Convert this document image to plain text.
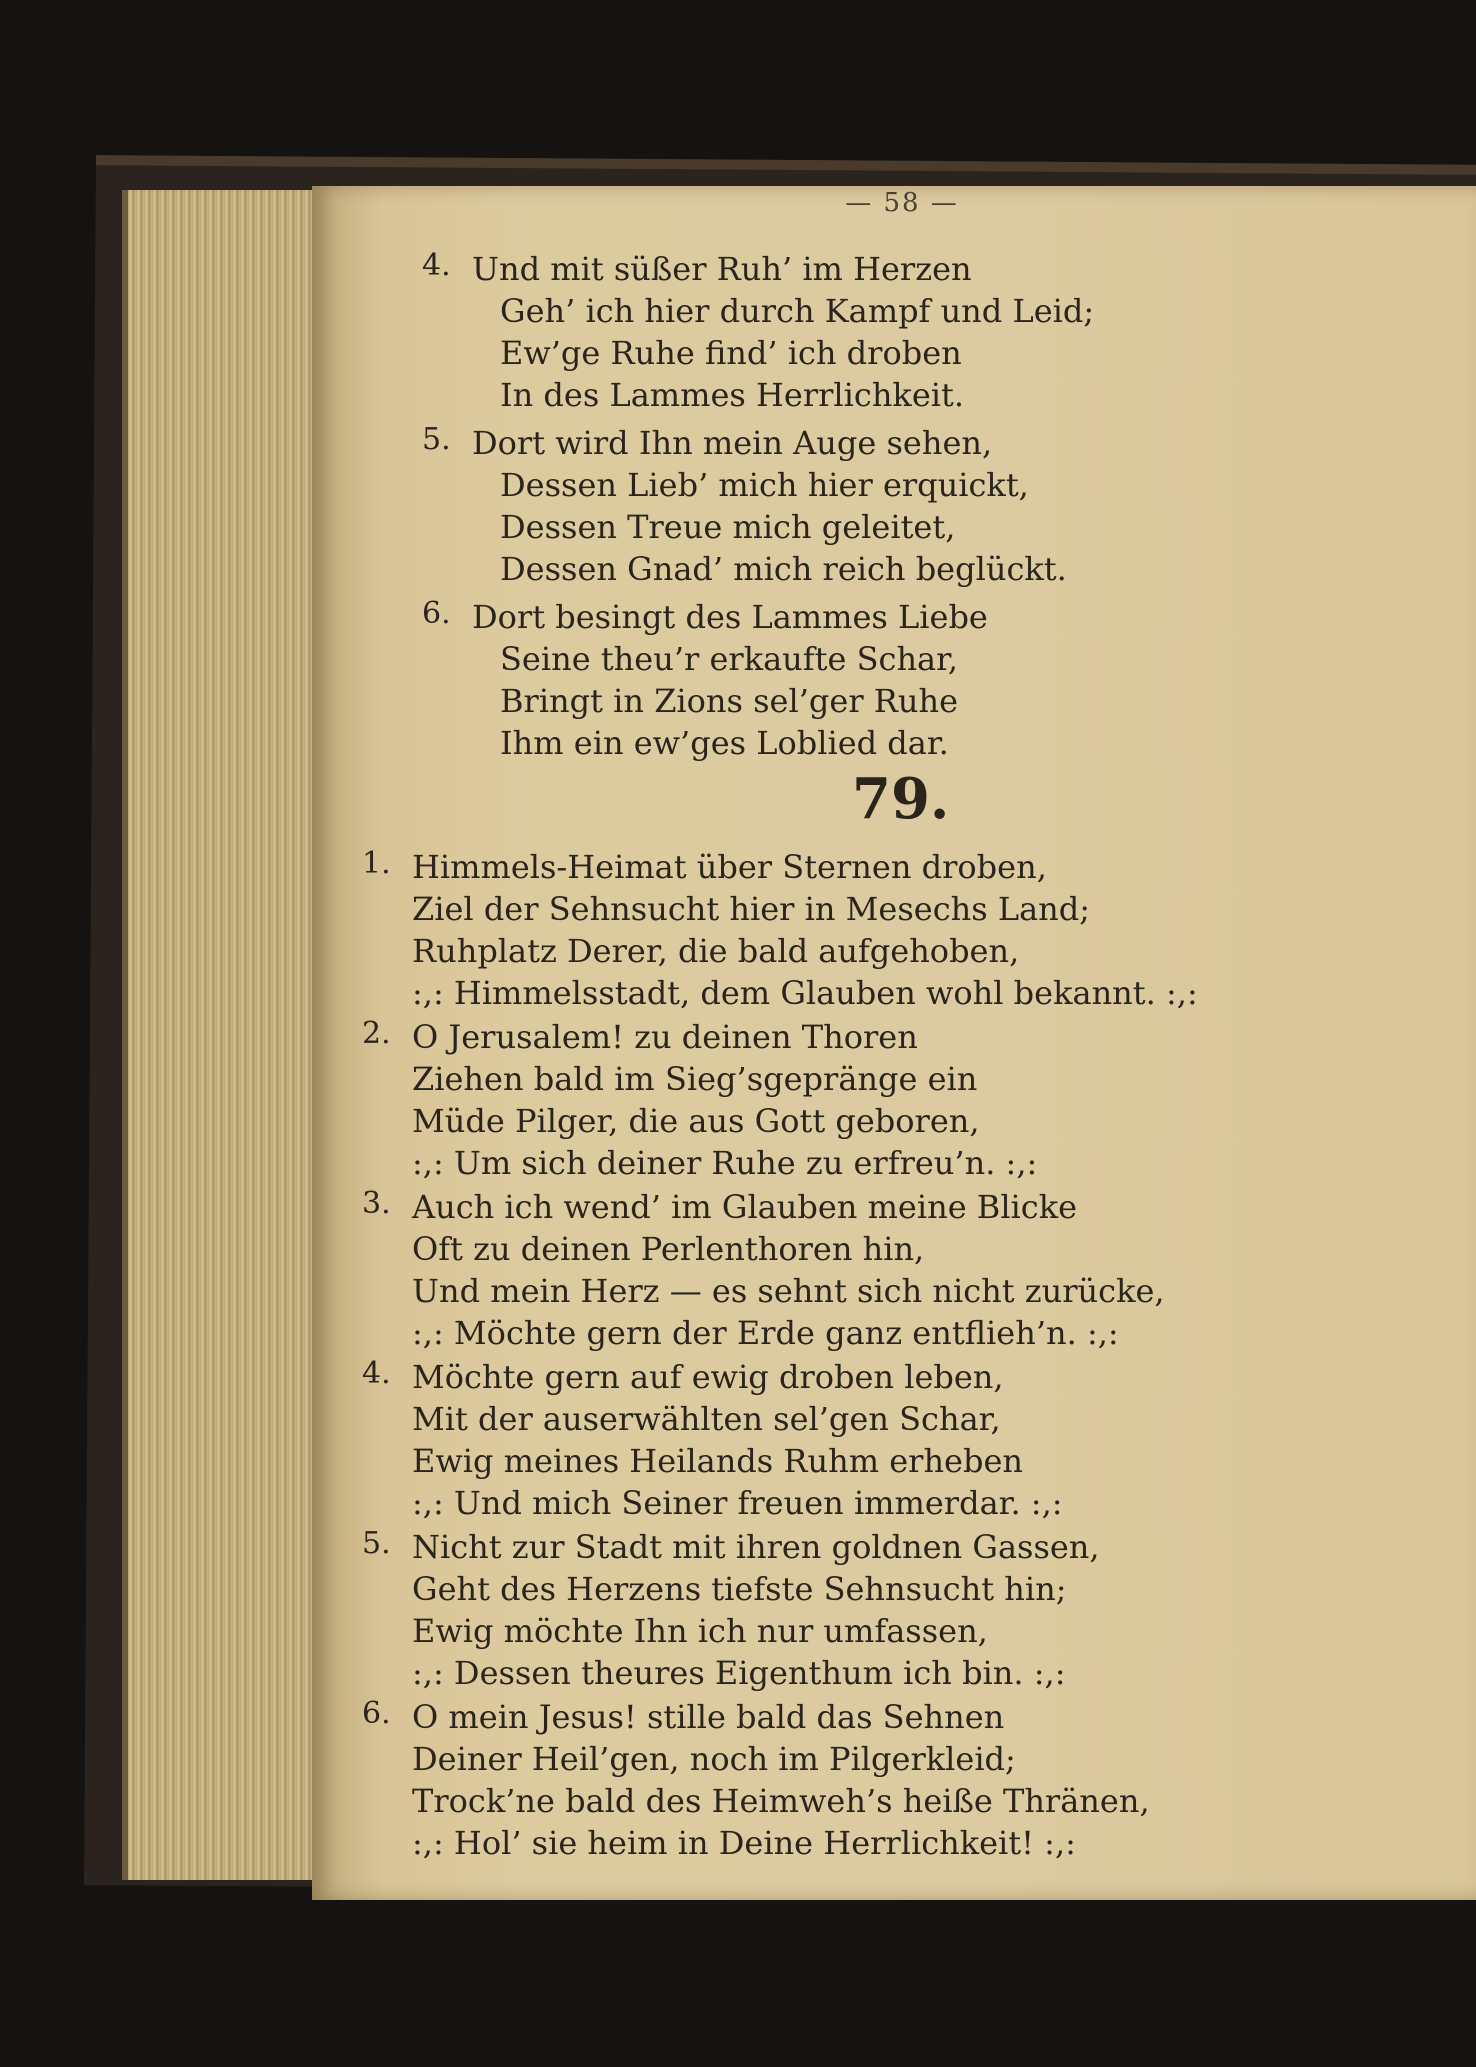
— 58 —
4. Und mit süßer Ruh’ im Herzen
Geh’ ich hier durch Kampf und Leid;
Ew’ge Ruhe find’ ich droben
In des Lammes Herrlichkeit.
5. Dort wird Ihn mein Auge sehen,
Dessen Lieb’ mich hier erquickt,
Dessen Treue mich geleitet,
Dessen Gnad’ mich reich beglückt.
6. Dort besingt des Lammes Liebe
Seine theu’r erkaufte Schar,
Bringt in Zions sel’ger Ruhe
Ihm ein ew’ges Loblied dar.
79.
1. Himmels-Heimat über Sternen droben,
Ziel der Sehnsucht hier in Mesechs Land;
Ruhplatz Derer, die bald aufgehoben,
:,: Himmelsstadt, dem Glauben wohl bekannt. :,:
2. O Jerusalem! zu deinen Thoren
Ziehen bald im Sieg’sgepränge ein
Müde Pilger, die aus Gott geboren,
:,: Um sich deiner Ruhe zu erfreu’n. :,:
3. Auch ich wend’ im Glauben meine Blicke
Oft zu deinen Perlenthoren hin,
Und mein Herz — es sehnt sich nicht zurücke,
:,: Möchte gern der Erde ganz entflieh’n. :,:
4. Möchte gern auf ewig droben leben,
Mit der auserwählten sel’gen Schar,
Ewig meines Heilands Ruhm erheben
:,: Und mich Seiner freuen immerdar. :,:
5. Nicht zur Stadt mit ihren goldnen Gassen,
Geht des Herzens tiefste Sehnsucht hin;
Ewig möchte Ihn ich nur umfassen,
:,: Dessen theures Eigenthum ich bin. :,:
6. O mein Jesus! stille bald das Sehnen
Deiner Heil’gen, noch im Pilgerkleid;
Trock’ne bald des Heimweh’s heiße Thränen,
:,: Hol’ sie heim in Deine Herrlichkeit! :,:
